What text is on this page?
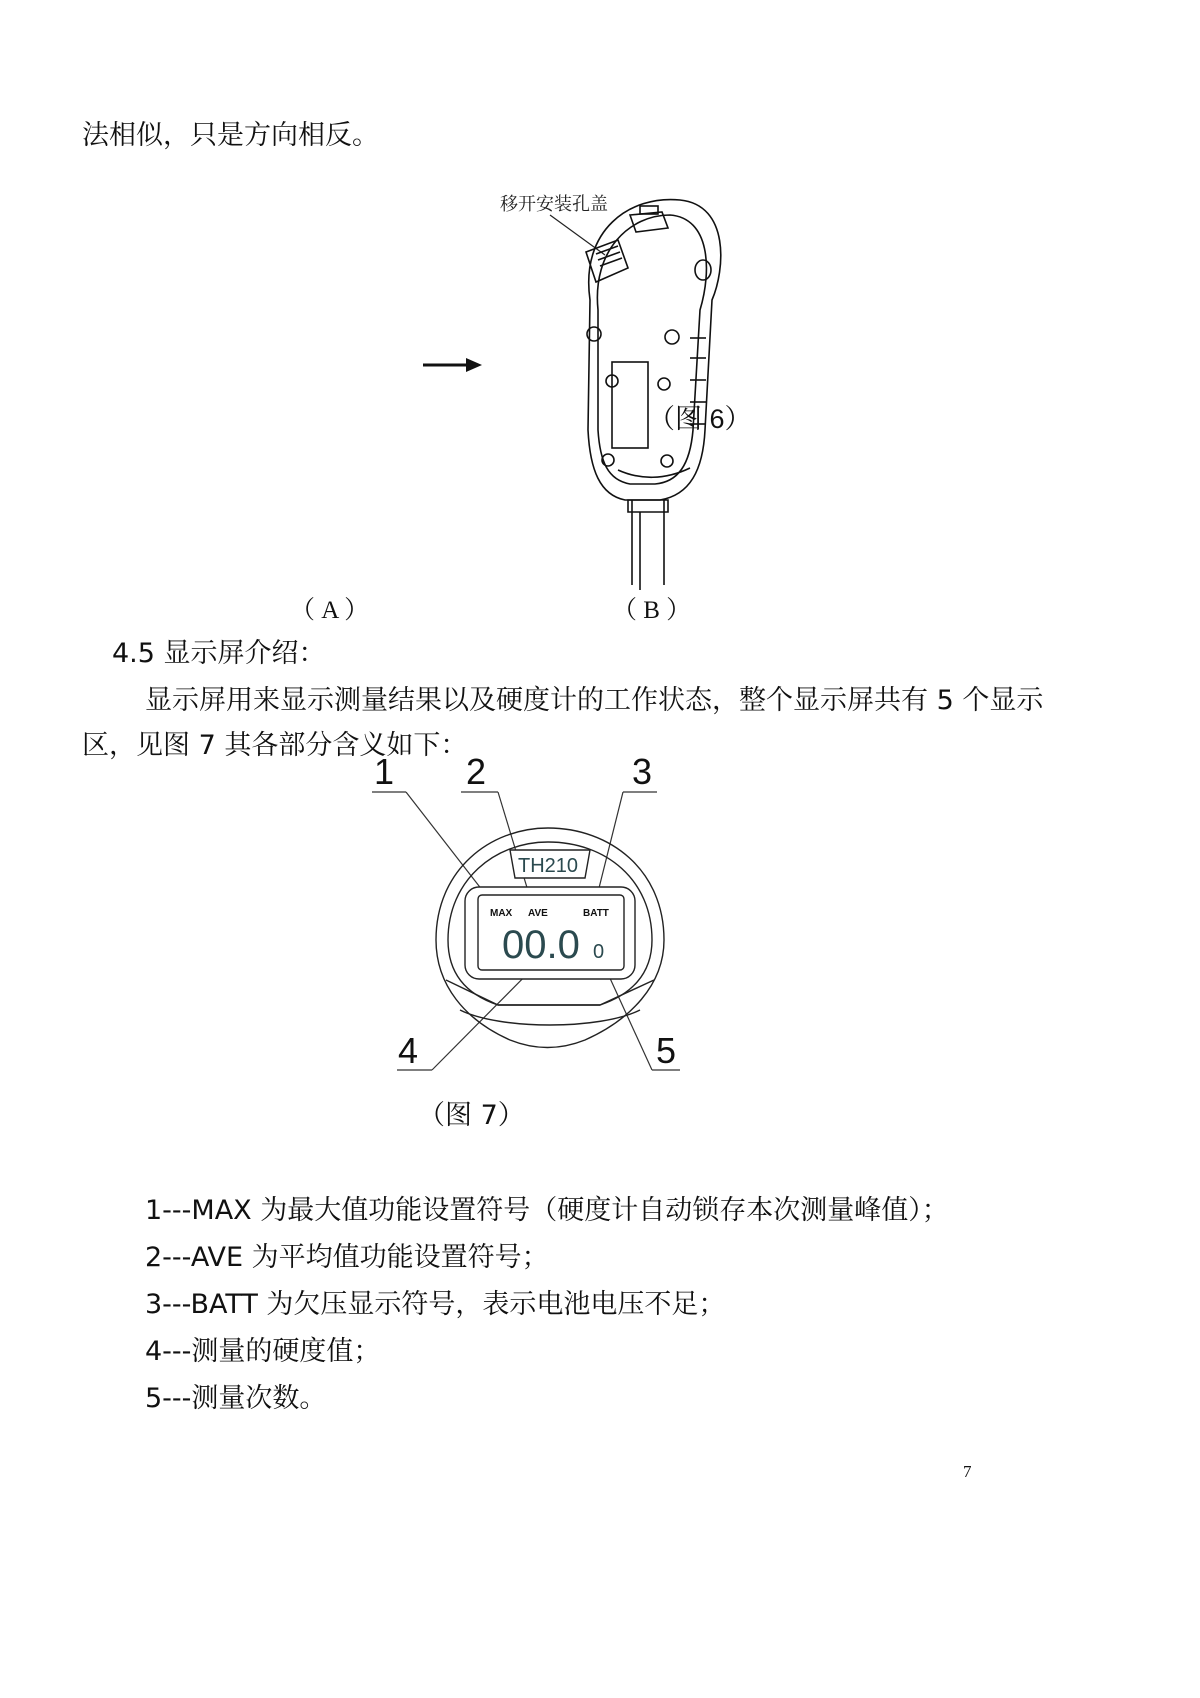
法相似，只是方向相反。
移开安装孔盖
（图 6）
（ A ）	（ B ）
4.5 显示屏介绍：
显示屏用来显示测量结果以及硬度计的工作状态，整个显示屏共有 5 个显示
区，见图 7 其各部分含义如下：
1 2	3
4	5
TH210
MAX AVE	BATT
00.0 0
（图 7）
1---MAX 为最大值功能设置符号（硬度计自动锁存本次测量峰值）；
2---AVE 为平均值功能设置符号；
3---BATT 为欠压显示符号，表示电池电压不足；
4---测量的硬度值；
5---测量次数。
7
